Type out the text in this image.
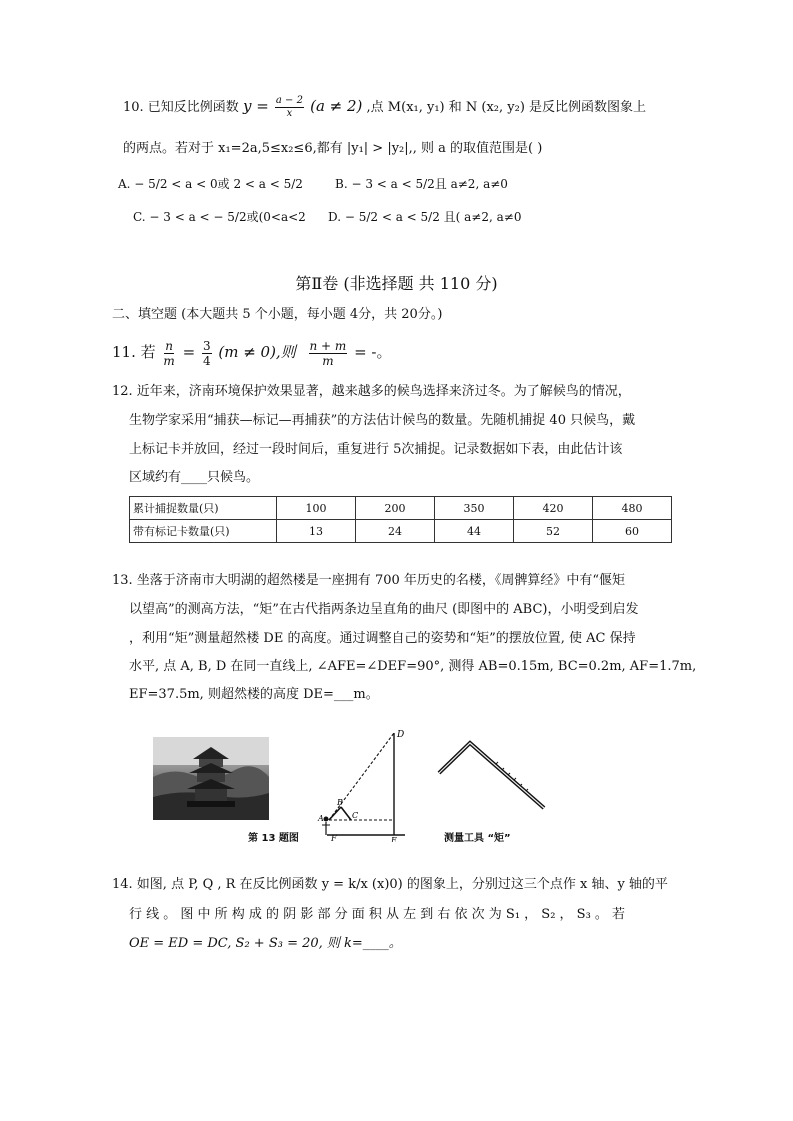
10. 已知反比例函数 $y = \frac{a - 2}{x} (a \ne 2)$ ,点 M(x₁, y₁) 和 N (x₂, y₂) 是反比例函数图象上
的两点。若对于 x₁=2a,5≤x₂≤6,都有 |y₁| > |y₂|,, 则 a 的取值范围是( )
A. − 5/2 < a < 0或 2 < a < 5/2	B. − 3 < a < 5/2且 a≠2, a≠0
C. − 3 < a < − 5/2或(0<a<2 D. − 5/2 < a < 5/2 且( a≠2, a≠0
第Ⅱ卷 (非选择题 共 110 分)
二、填空题 (本大题共 5 个小题，每小题 4分，共 20分。)
11. 若 $\frac{n}{m} = \frac{3}{4} (m \ne 0)$,则 $\frac{n + m}{m}$ = -。
12. 近年来，济南环境保护效果显著，越来越多的候鸟选择来济过冬。为了解候鸟的情况，
生物学家采用“捕获—标记—再捕获”的方法估计候鸟的数量。先随机捕捉 40 只候鸟，戴
上标记卡并放回，经过一段时间后，重复进行 5次捕捉。记录数据如下表，由此估计该
区域约有____只候鸟。
累计捕捉数量(只)	100	200	350	420	480
带有标记卡数量(只)	13	24	44	52	60
13. 坐落于济南市大明湖的超然楼是一座拥有 700 年历史的名楼，《周髀算经》中有“偃矩
以望高”的测高方法，“矩”在古代指两条边呈直角的曲尺 (即图中的 ABC)，小明受到启发
，利用“矩”测量超然楼 DE 的高度。通过调整自己的姿势和“矩”的摆放位置, 使 AC 保持
水平, 点 A, B, D 在同一直线上, ∠AFE=∠DEF=90°, 测得 AB=0.15m, BC=0.2m, AF=1.7m,
EF=37.5m, 则超然楼的高度 DE=___m。
D
B
C
A
F	E
第 13 题图	测量工具 “矩”
14. 如图, 点 P, Q , R 在反比例函数 y = k/x (x)0) 的图象上，分别过这三个点作 x 轴、y 轴的平
行 线 。 图 中 所 构 成 的 阴 影 部 分 面 积 从 左 到 右 依 次 为 S₁ ， S₂ ， S₃ 。 若
OE = ED = DC, S₂ + S₃ = 20, 则 k=____。
